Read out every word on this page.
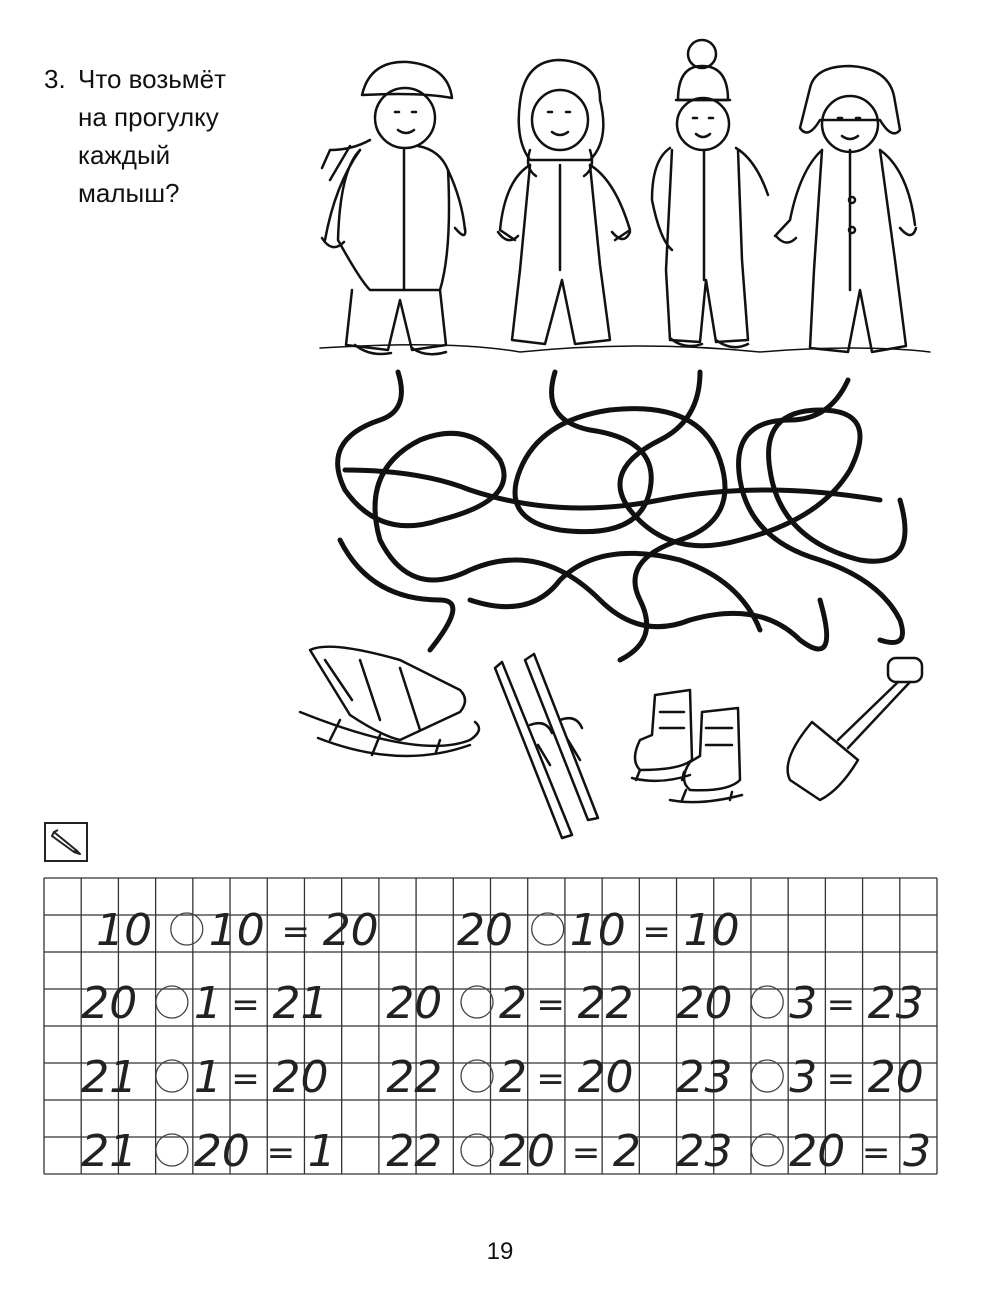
3. Что возьмёт
на прогулку
каждый
малыш?
10 10 = 20 20 10 = 10
20 1 = 21 20 2 = 22 20 3 = 23
21 1 = 20 22 2 = 20 23 3 = 20
21 20 = 1 22 20 = 2 23 20 = 3
19
